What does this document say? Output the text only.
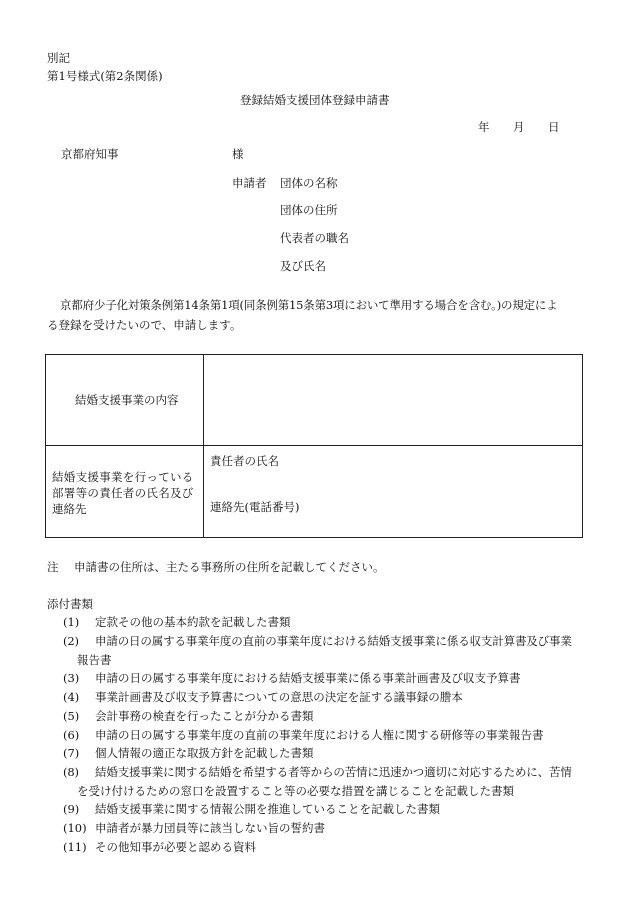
別記
第1号様式(第2条関係)
登録結婚支援団体登録申請書
年 月 日
京都府知事	様
申請者 団体の名称
団体の住所
代表者の職名
及び氏名
京都府少子化対策条例第14条第1項(同条例第15条第3項において準用する場合を含む。)の規定によ
る登録を受けたいので、申請します。
結婚支援事業の内容
結婚支援事業を行っている
部署等の責任者の氏名及び
連絡先
責任者の氏名
連絡先(電話番号)
注 申請書の住所は、主たる事務所の住所を記載してください。
添付書類
(1) 定款その他の基本約款を記載した書類
(2) 申請の日の属する事業年度の直前の事業年度における結婚支援事業に係る収支計算書及び事業
報告書
(3) 申請の日の属する事業年度における結婚支援事業に係る事業計画書及び収支予算書
(4) 事業計画書及び収支予算書についての意思の決定を証する議事録の謄本
(5) 会計事務の検査を行ったことが分かる書類
(6) 申請の日の属する事業年度の直前の事業年度における人権に関する研修等の事業報告書
(7) 個人情報の適正な取扱方針を記載した書類
(8) 結婚支援事業に関する結婚を希望する者等からの苦情に迅速かつ適切に対応するために、苦情
を受け付けるための窓口を設置すること等の必要な措置を講じることを記載した書類
(9) 結婚支援事業に関する情報公開を推進していることを記載した書類
(10) 申請者が暴力団員等に該当しない旨の誓約書
(11) その他知事が必要と認める資料
